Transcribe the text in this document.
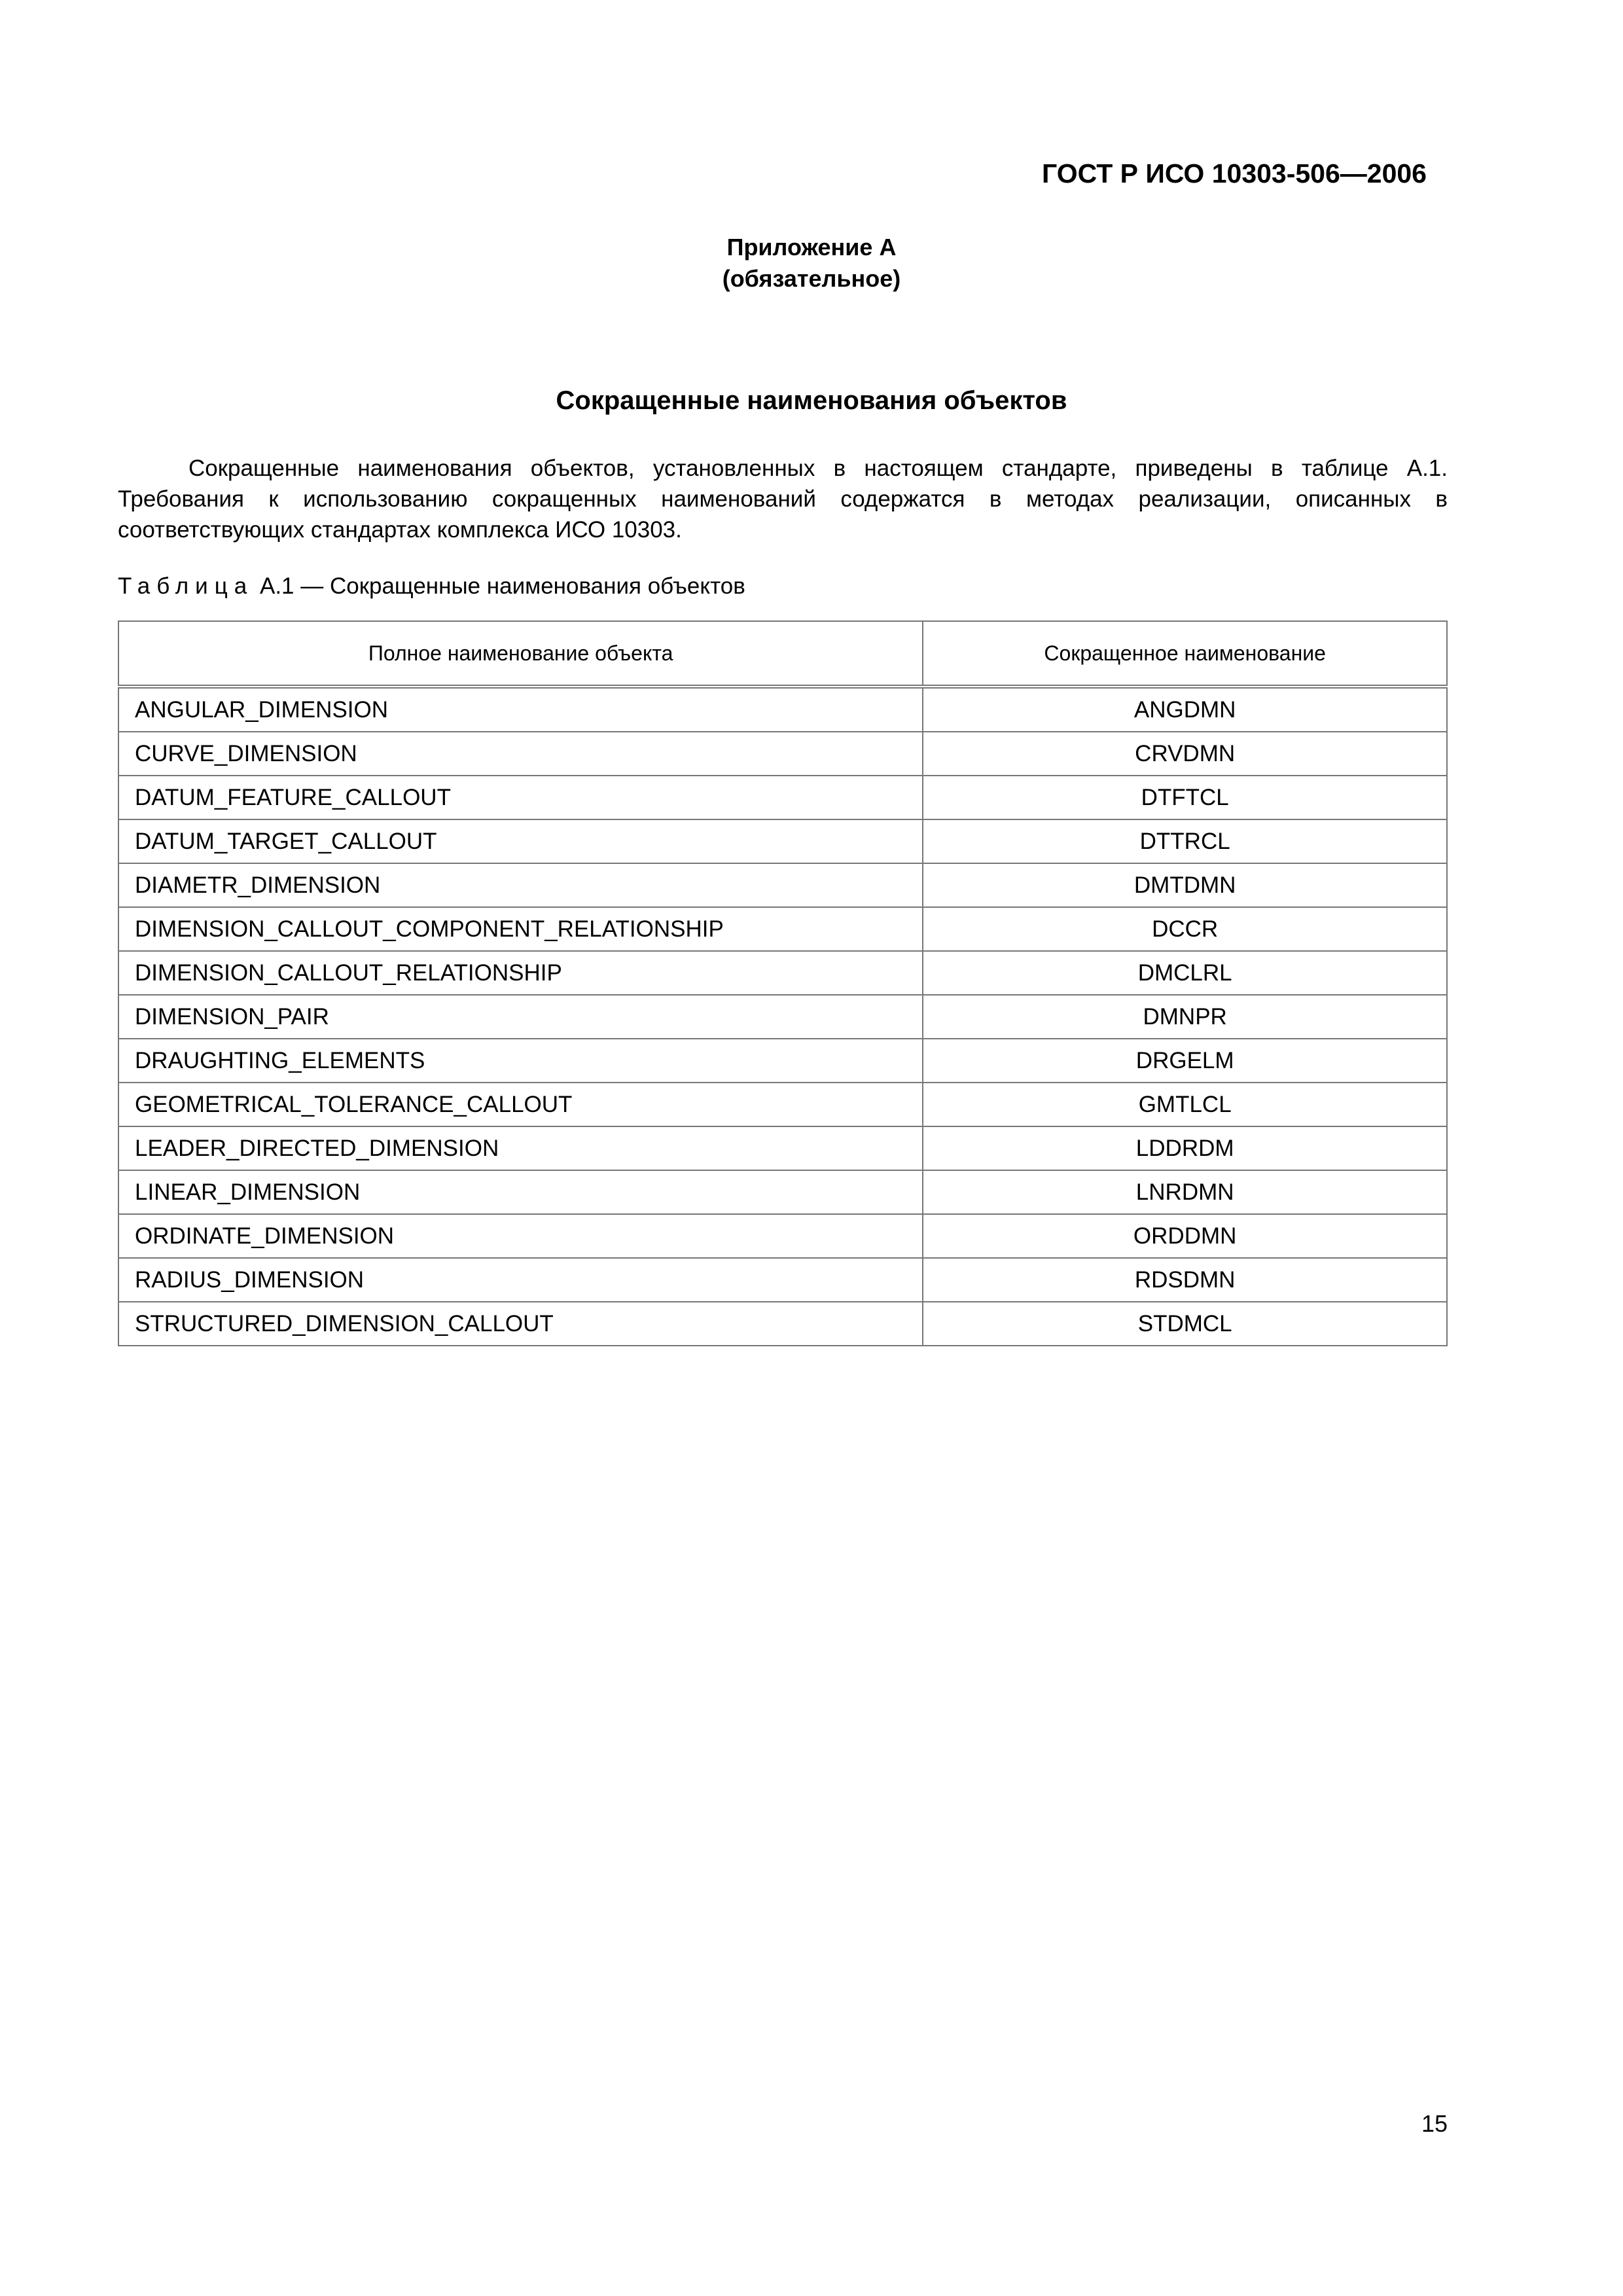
ГОСТ Р ИСО 10303-506—2006

Приложение А
(обязательное)
Сокращенные наименования объектов

Сокращенные наименования объектов, установленных в настоящем стандарте, приведены в таблице А.1. Требования к использованию сокращенных наименований содержатся в методах реализации, описанных в соответствующих стандартах комплекса ИСО 10303.

Таблица А.1 — Сокращенные наименования объектов

Полное наименование объекта	Сокращенное наименование
ANGULAR_DIMENSION	ANGDMN
CURVE_DIMENSION	CRVDMN
DATUM_FEATURE_CALLOUT	DTFTCL
DATUM_TARGET_CALLOUT	DTTRCL
DIAMETR_DIMENSION	DMTDMN
DIMENSION_CALLOUT_COMPONENT_RELATIONSHIP	DCCR
DIMENSION_CALLOUT_RELATIONSHIP	DMCLRL
DIMENSION_PAIR	DMNPR
DRAUGHTING_ELEMENTS	DRGELM
GEOMETRICAL_TOLERANCE_CALLOUT	GMTLCL
LEADER_DIRECTED_DIMENSION	LDDRDM
LINEAR_DIMENSION	LNRDMN
ORDINATE_DIMENSION	ORDDMN
RADIUS_DIMENSION	RDSDMN
STRUCTURED_DIMENSION_CALLOUT	STDMCL

15
